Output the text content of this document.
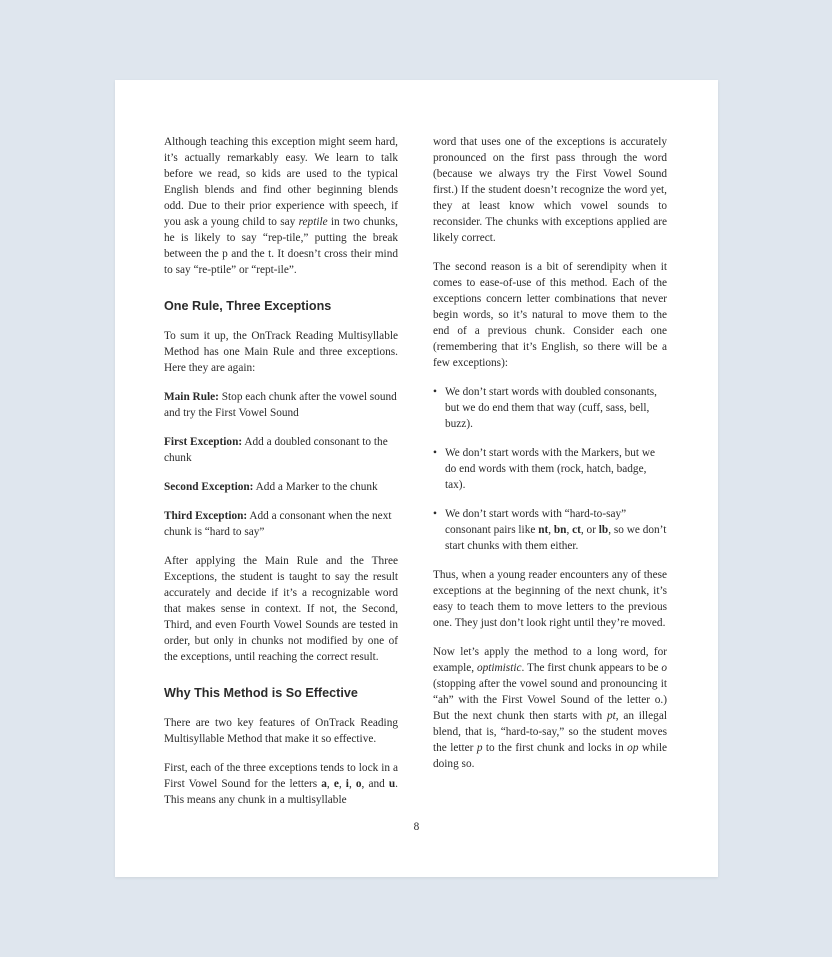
Although teaching this exception might seem hard, it’s actually remarkably easy. We learn to talk before we read, so kids are used to the typical English blends and find other beginning blends odd. Due to their prior experience with speech, if you ask a young child to say reptile in two chunks, he is likely to say “rep-tile,” putting the break between the p and the t. It doesn’t cross their mind to say “re-ptile” or “rept-ile”.

One Rule, Three Exceptions

To sum it up, the OnTrack Reading Multisyllable Method has one Main Rule and three exceptions. Here they are again:

Main Rule: Stop each chunk after the vowel sound and try the First Vowel Sound

First Exception: Add a doubled consonant to the chunk

Second Exception: Add a Marker to the chunk

Third Exception: Add a consonant when the next chunk is “hard to say”

After applying the Main Rule and the Three Exceptions, the student is taught to say the result accurately and decide if it’s a recognizable word that makes sense in context. If not, the Second, Third, and even Fourth Vowel Sounds are tested in order, but only in chunks not modified by one of the exceptions, until reaching the correct result.

Why This Method is So Effective

There are two key features of OnTrack Reading Multisyllable Method that make it so effective.

First, each of the three exceptions tends to lock in a First Vowel Sound for the letters a, e, i, o, and u. This means any chunk in a multisyllable

word that uses one of the exceptions is accurately pronounced on the first pass through the word (because we always try the First Vowel Sound first.) If the student doesn’t recognize the word yet, they at least know which vowel sounds to reconsider. The chunks with exceptions applied are likely correct.

The second reason is a bit of serendipity when it comes to ease-of-use of this method. Each of the exceptions concern letter combinations that never begin words, so it’s natural to move them to the end of a previous chunk. Consider each one (remembering that it’s English, so there will be a few exceptions):

• We don’t start words with doubled consonants, but we do end them that way (cuff, sass, bell, buzz).
• We don’t start words with the Markers, but we do end words with them (rock, hatch, badge, tax).
• We don’t start words with “hard-to-say” consonant pairs like nt, bn, ct, or lb, so we don’t start chunks with them either.

Thus, when a young reader encounters any of these exceptions at the beginning of the next chunk, it’s easy to teach them to move letters to the previous one. They just don’t look right until they’re moved.

Now let’s apply the method to a long word, for example, optimistic. The first chunk appears to be o (stopping after the vowel sound and pronouncing it “ah” with the First Vowel Sound of the letter o.) But the next chunk then starts with pt, an illegal blend, that is, “hard-to-say,” so the student moves the letter p to the first chunk and locks in op while doing so.

8
